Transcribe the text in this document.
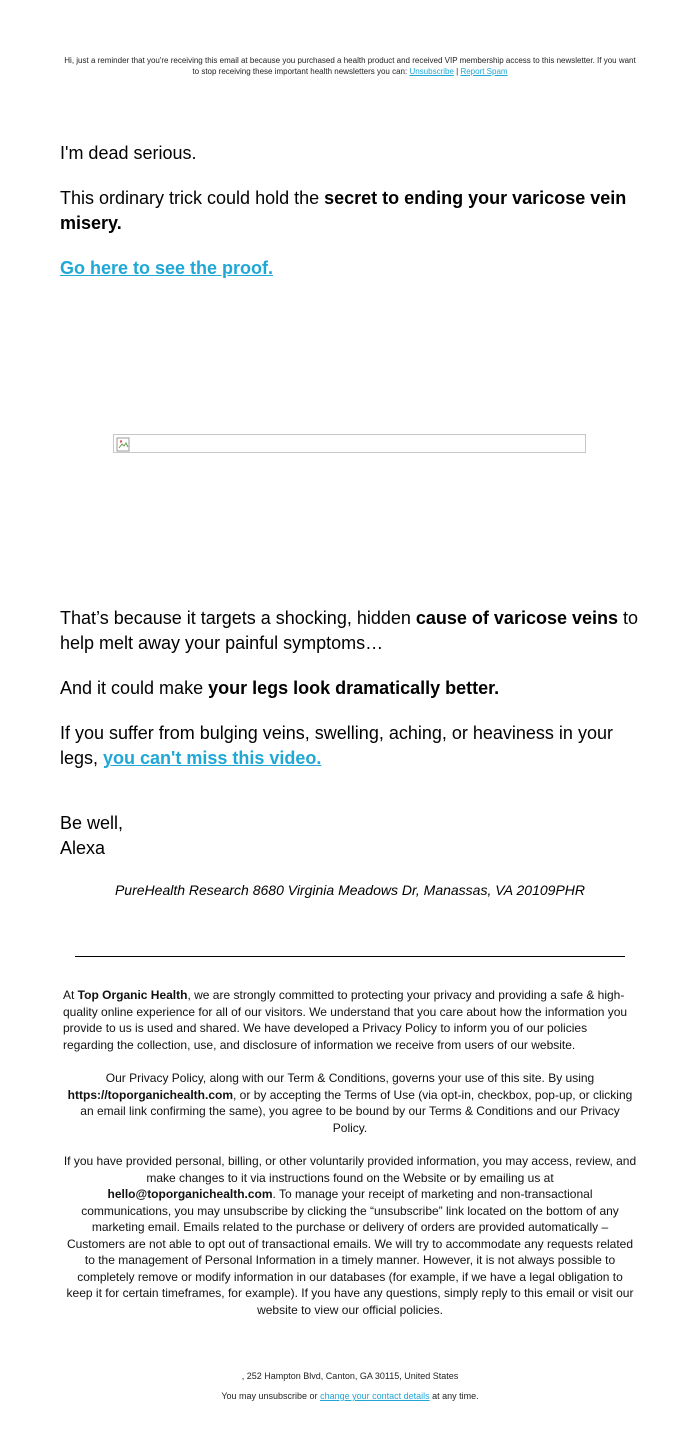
Hi, just a reminder that you're receiving this email at because you purchased a health product and received VIP membership access to this newsletter. If you want to stop receiving these important health newsletters you can: Unsubscribe | Report Spam

I'm dead serious.

This ordinary trick could hold the secret to ending your varicose vein misery.

Go here to see the proof.

That’s because it targets a shocking, hidden cause of varicose veins to help melt away your painful symptoms…

And it could make your legs look dramatically better.

If you suffer from bulging veins, swelling, aching, or heaviness in your legs, you can't miss this video.

Be well,
Alexa
PureHealth Research 8680 Virginia Meadows Dr, Manassas, VA 20109PHR

At Top Organic Health, we are strongly committed to protecting your privacy and providing a safe & high-quality online experience for all of our visitors. We understand that you care about how the information you provide to us is used and shared. We have developed a Privacy Policy to inform you of our policies regarding the collection, use, and disclosure of information we receive from users of our website.

Our Privacy Policy, along with our Term & Conditions, governs your use of this site. By using https://toporganichealth.com, or by accepting the Terms of Use (via opt-in, checkbox, pop-up, or clicking an email link confirming the same), you agree to be bound by our Terms & Conditions and our Privacy Policy.

If you have provided personal, billing, or other voluntarily provided information, you may access, review, and make changes to it via instructions found on the Website or by emailing us at hello@toporganichealth.com. To manage your receipt of marketing and non-transactional communications, you may unsubscribe by clicking the “unsubscribe” link located on the bottom of any marketing email. Emails related to the purchase or delivery of orders are provided automatically – Customers are not able to opt out of transactional emails. We will try to accommodate any requests related to the management of Personal Information in a timely manner. However, it is not always possible to completely remove or modify information in our databases (for example, if we have a legal obligation to keep it for certain timeframes, for example). If you have any questions, simply reply to this email or visit our website to view our official policies.

, 252 Hampton Blvd, Canton, GA 30115, United States
You may unsubscribe or change your contact details at any time.
